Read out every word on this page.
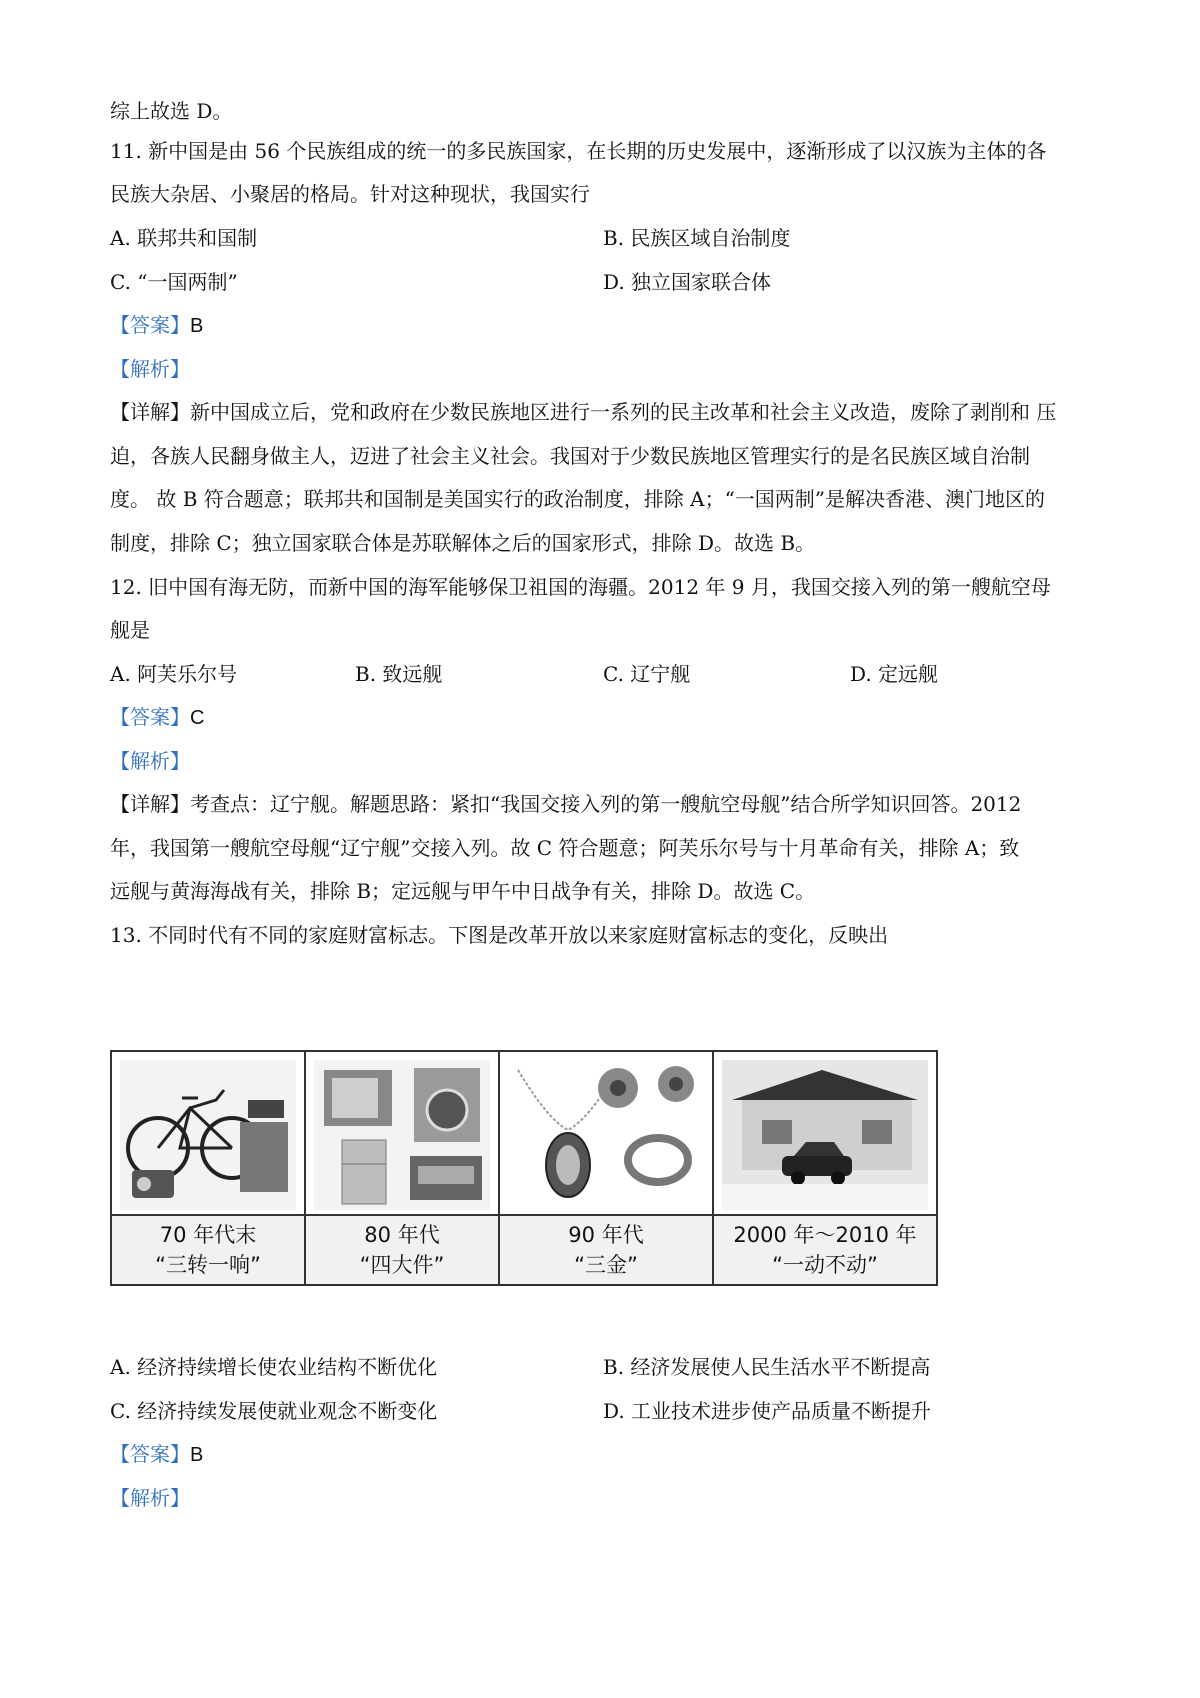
综上故选 D。
11. 新中国是由 56 个民族组成的统一的多民族国家，在长期的历史发展中，逐渐形成了以汉族为主体的各
民族大杂居、小聚居的格局。针对这种现状，我国实行
A. 联邦共和国制	B. 民族区域自治制度
C. “一国两制”	D. 独立国家联合体
【答案】B
【解析】
【详解】新中国成立后，党和政府在少数民族地区进行一系列的民主改革和社会主义改造，废除了剥削和 压
迫，各族人民翻身做主人，迈进了社会主义社会。我国对于少数民族地区管理实行的是名民族区域自治制
度。 故 B 符合题意；联邦共和国制是美国实行的政治制度，排除 A；“一国两制”是解决香港、澳门地区的
制度，排除 C；独立国家联合体是苏联解体之后的国家形式，排除 D。故选 B。
12. 旧中国有海无防，而新中国的海军能够保卫祖国的海疆。2012 年 9 月，我国交接入列的第一艘航空母
舰是
A. 阿芙乐尔号	B. 致远舰	C. 辽宁舰	D. 定远舰
【答案】C
【解析】
【详解】考查点：辽宁舰。解题思路：紧扣“我国交接入列的第一艘航空母舰”结合所学知识回答。2012
年，我国第一艘航空母舰“辽宁舰”交接入列。故 C 符合题意；阿芙乐尔号与十月革命有关，排除 A；致
远舰与黄海海战有关，排除 B；定远舰与甲午中日战争有关，排除 D。故选 C。
13. 不同时代有不同的家庭财富标志。下图是改革开放以来家庭财富标志的变化，反映出
70 年代末
“三转一响”
80 年代
“四大件”
90 年代
“三金”
2000 年～2010 年
“一动不动”
A. 经济持续增长使农业结构不断优化	B. 经济发展使人民生活水平不断提高
C. 经济持续发展使就业观念不断变化	D. 工业技术进步使产品质量不断提升
【答案】B
【解析】
